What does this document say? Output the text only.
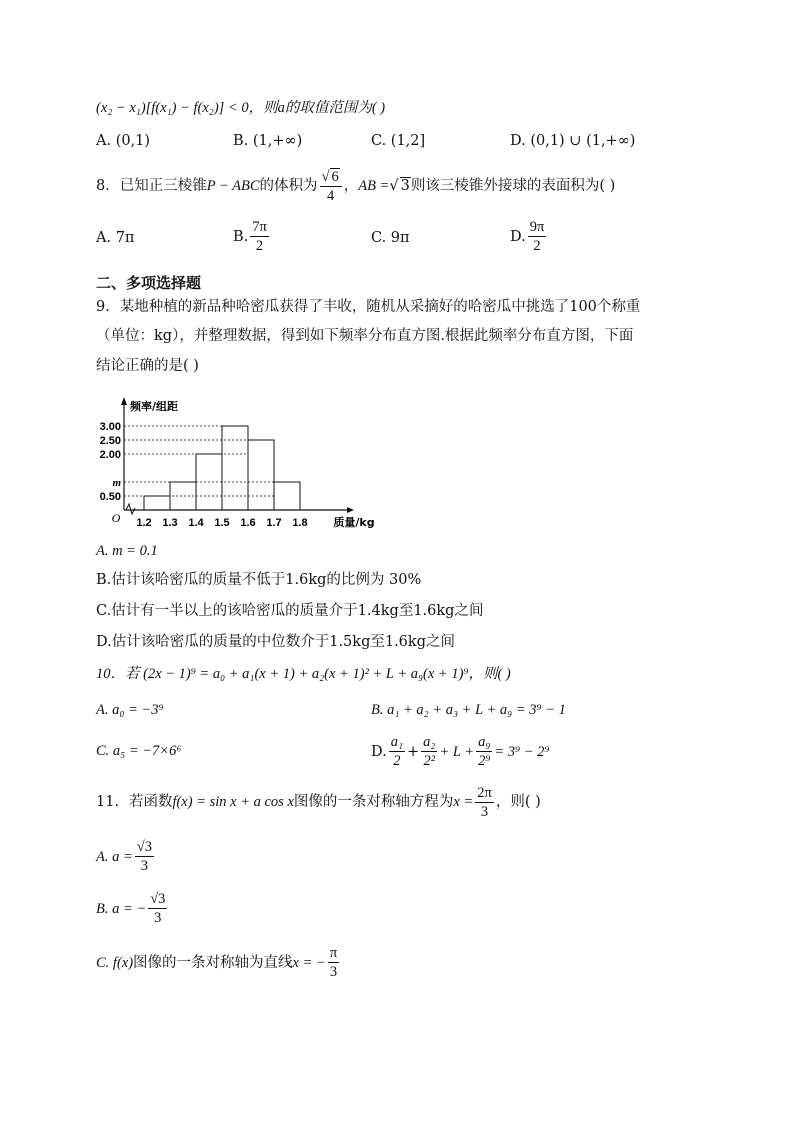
(x₂ − x₁)[f(x₁) − f(x₂)] < 0，则a的取值范围为( )
A. (0,1)	B. (1,+∞)	C. (1,2]	D. (0,1) ∪ (1,+∞)
8．已知正三棱锥 P − ABC 的体积为 $\frac{√ 6}{4}$ ， AB = √ 3 则该三棱锥外接球的表面积为( )
A. 7π	B. $\frac{7\pi}{2}$	C. 9π	D. $\frac{9\pi}{2}$
二、多项选择题
9．某地种植的新品种哈密瓜获得了丰收，随机从采摘好的哈密瓜中挑选了100个称重
（单位：kg），并整理数据，得到如下频率分布直方图.根据此频率分布直方图，下面
结论正确的是( )
3.00
2.50
2.00
m
0.50
1.2 1.3 1.4 1.5 1.6 1.7 1.8
O
频率/组距
质量/kg
A. m = 0.1
B.估计该哈密瓜的质量不低于1.6kg的比例为 30%
C.估计有一半以上的该哈密瓜的质量介于1.4kg至1.6kg之间
D.估计该哈密瓜的质量的中位数介于1.5kg至1.6kg之间
10．若 (2x − 1)⁹ = a₀ + a₁(x + 1) + a₂(x + 1)² + L + a₉(x + 1)⁹，则( )
A. a₀ = −3⁹	B. a₁ + a₂ + a₃ + L + a₉ = 3⁹ − 1
C. a₅ = −7×6⁶	D. $\frac{\text{a₁}}{2} + \frac{\text{a₂}}{\text{2²}} + L + \frac{\text{a₉}}{\text{2⁹}} = 3^9 - 2^9$
11．若函数 f(x) = sin x + a cos x 图像的一条对称轴方程为 $x = \frac{2\pi}{3}$ ，则( )
A. $a = \frac{√3}{3}$
B. a = − $\frac{√3}{3}$
C. f(x) 图像的一条对称轴为直线 x = − $\frac{\pi}{3}$
